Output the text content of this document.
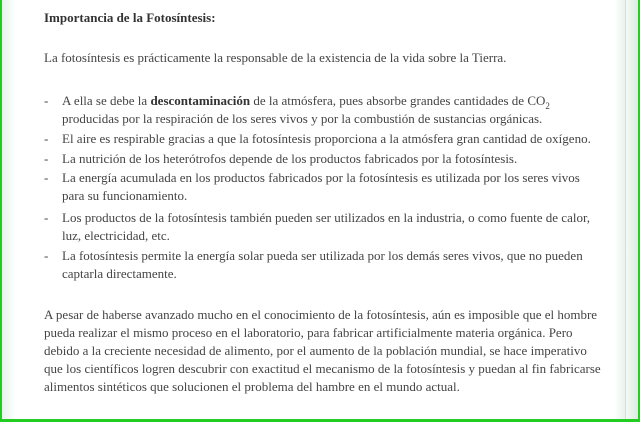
Importancia de la Fotosíntesis:

La fotosíntesis es prácticamente la responsable de la existencia de la vida sobre la Tierra.

- A ella se debe la descontaminación de la atmósfera, pues absorbe grandes cantidades de $CO_2$
producidas por la respiración de los seres vivos y por la combustión de sustancias orgánicas.
- El aire es respirable gracias a que la fotosíntesis proporciona a la atmósfera gran cantidad de oxígeno.
- La nutrición de los heterótrofos depende de los productos fabricados por la fotosíntesis.
- La energía acumulada en los productos fabricados por la fotosíntesis es utilizada por los seres vivos
para su funcionamiento.
- Los productos de la fotosíntesis también pueden ser utilizados en la industria, o como fuente de calor,
luz, electricidad, etc.
- La fotosíntesis permite la energía solar pueda ser utilizada por los demás seres vivos, que no pueden
captarla directamente.
A pesar de haberse avanzado mucho en el conocimiento de la fotosíntesis, aún es imposible que el hombre
pueda realizar el mismo proceso en el laboratorio, para fabricar artificialmente materia orgánica. Pero
debido a la creciente necesidad de alimento, por el aumento de la población mundial, se hace imperativo
que los científicos logren descubrir con exactitud el mecanismo de la fotosíntesis y puedan al fin fabricarse
alimentos sintéticos que solucionen el problema del hambre en el mundo actual.
